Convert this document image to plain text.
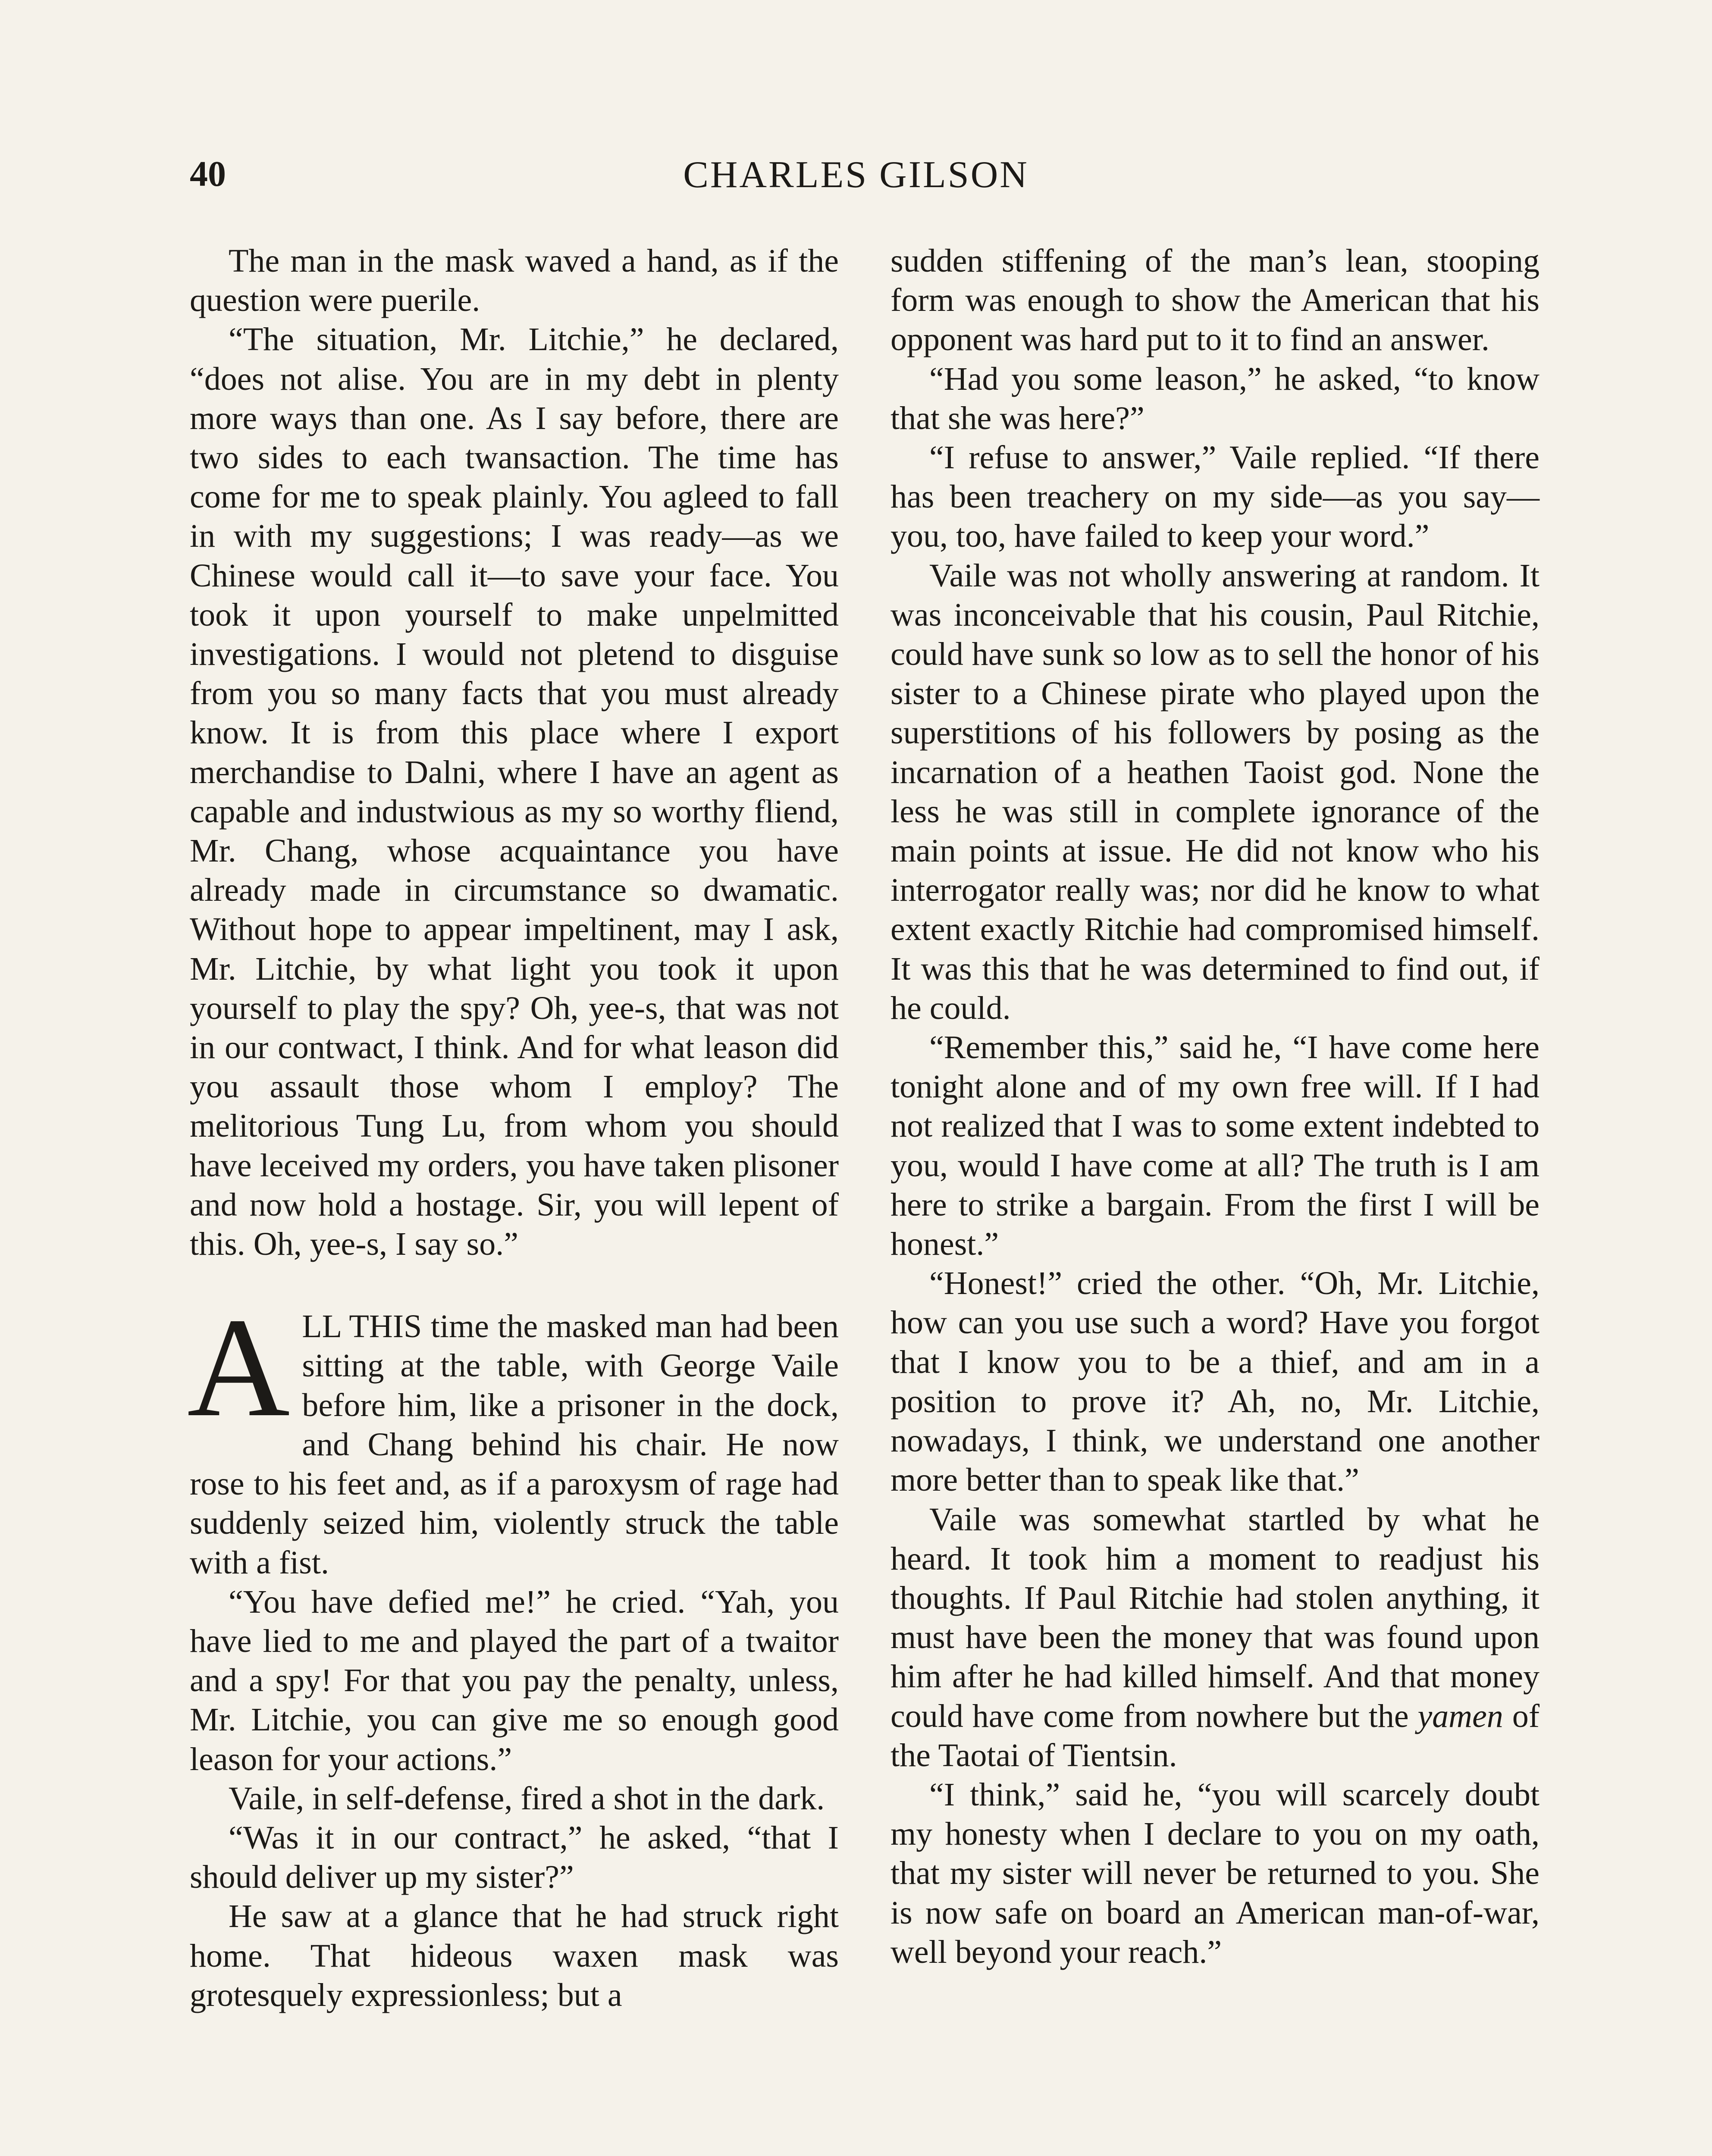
40	CHARLES GILSON

The man in the mask waved a hand, as if the question were puerile.

“The situation, Mr. Litchie,” he declared, “does not alise. You are in my debt in plenty more ways than one. As I say before, there are two sides to each twansaction. The time has come for me to speak plainly. You agleed to fall in with my suggestions; I was ready—as we Chinese would call it—to save your face. You took it upon yourself to make unpelmitted investigations. I would not pletend to disguise from you so many facts that you must already know. It is from this place where I export merchandise to Dalni, where I have an agent as capable and industwious as my so worthy fliend, Mr. Chang, whose acquaintance you have already made in circumstance so dwamatic. Without hope to appear impeltinent, may I ask, Mr. Litchie, by what light you took it upon yourself to play the spy? Oh, yee-s, that was not in our contwact, I think. And for what leason did you assault those whom I employ? The melitorious Tung Lu, from whom you should have leceived my orders, you have taken plisoner and now hold a hostage. Sir, you will lepent of this. Oh, yee-s, I say so.”

ALL THIS time the masked man had been sitting at the table, with George Vaile before him, like a prisoner in the dock, and Chang behind his chair. He now rose to his feet and, as if a paroxysm of rage had suddenly seized him, violently struck the table with a fist.

“You have defied me!” he cried. “Yah, you have lied to me and played the part of a twaitor and a spy! For that you pay the penalty, unless, Mr. Litchie, you can give me so enough good leason for your actions.”

Vaile, in self-defense, fired a shot in the dark.

“Was it in our contract,” he asked, “that I should deliver up my sister?”

He saw at a glance that he had struck right home. That hideous waxen mask was grotesquely expressionless; but a

sudden stiffening of the man’s lean, stooping form was enough to show the American that his opponent was hard put to it to find an answer.

“Had you some leason,” he asked, “to know that she was here?”

“I refuse to answer,” Vaile replied. “If there has been treachery on my side—as you say—you, too, have failed to keep your word.”

Vaile was not wholly answering at random. It was inconceivable that his cousin, Paul Ritchie, could have sunk so low as to sell the honor of his sister to a Chinese pirate who played upon the superstitions of his followers by posing as the incarnation of a heathen Taoist god. None the less he was still in complete ignorance of the main points at issue. He did not know who his interrogator really was; nor did he know to what extent exactly Ritchie had compromised himself. It was this that he was determined to find out, if he could.

“Remember this,” said he, “I have come here tonight alone and of my own free will. If I had not realized that I was to some extent indebted to you, would I have come at all? The truth is I am here to strike a bargain. From the first I will be honest.”

“Honest!” cried the other. “Oh, Mr. Litchie, how can you use such a word? Have you forgot that I know you to be a thief, and am in a position to prove it? Ah, no, Mr. Litchie, nowadays, I think, we understand one another more better than to speak like that.”

Vaile was somewhat startled by what he heard. It took him a moment to readjust his thoughts. If Paul Ritchie had stolen anything, it must have been the money that was found upon him after he had killed himself. And that money could have come from nowhere but the yamen of the Taotai of Tientsin.

“I think,” said he, “you will scarcely doubt my honesty when I declare to you on my oath, that my sister will never be returned to you. She is now safe on board an American man-of-war, well beyond your reach.”
